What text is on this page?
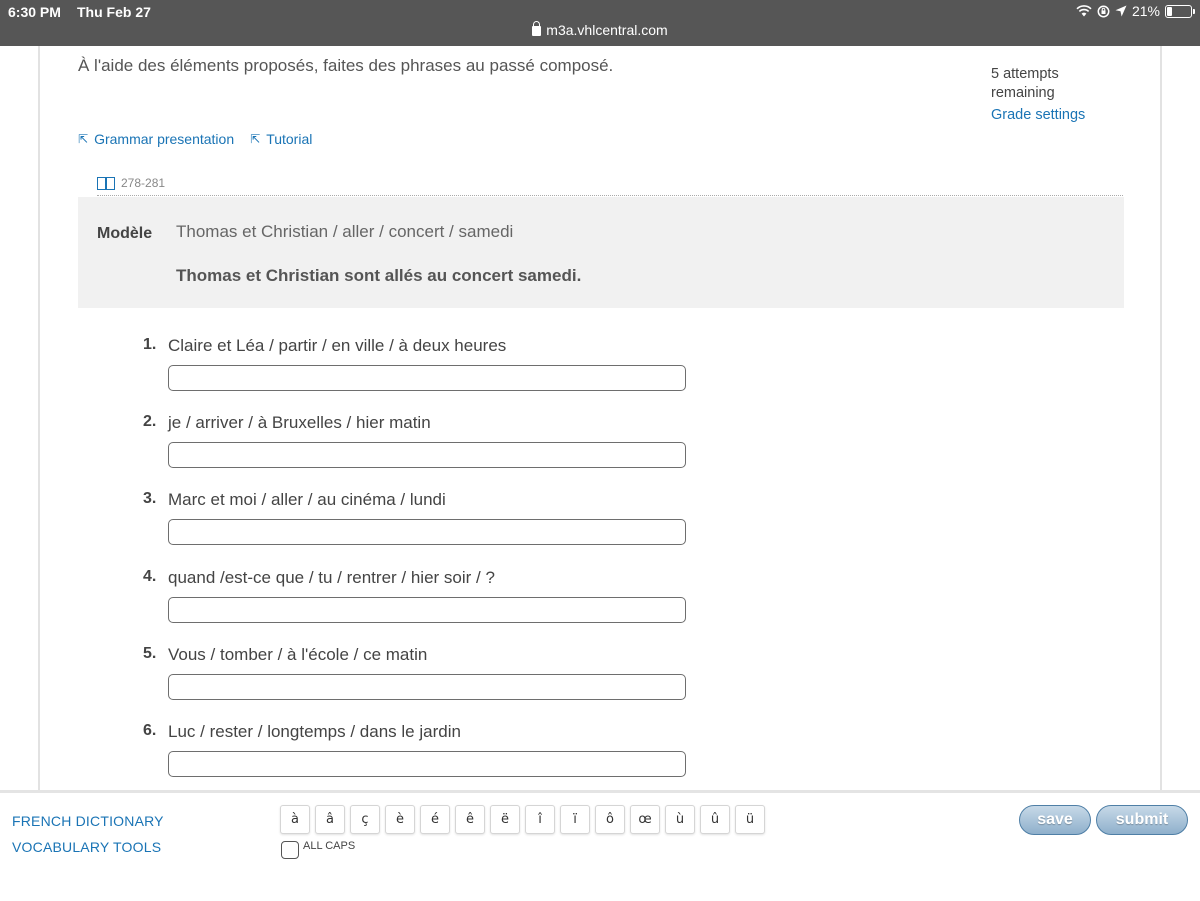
6:30 PM Thu Feb 27	21%
m3a.vhlcentral.com
À l'aide des éléments proposés, faites des phrases au passé composé.	5 attempts remaining
Grade settings
⇱ Grammar presentation ⇱ Tutorial
278-281
Modèle Thomas et Christian / aller / concert / samedi
Thomas et Christian sont allés au concert samedi.
1. Claire et Léa / partir / en ville / à deux heures
2. je / arriver / à Bruxelles / hier matin
3. Marc et moi / aller / au cinéma / lundi
4. quand /est-ce que / tu / rentrer / hier soir / ?
5. Vous / tomber / à l'école / ce matin
6. Luc / rester / longtemps / dans le jardin
FRENCH DICTIONARY
VOCABULARY TOOLS
à	â	ç	è	é	ê	ë	î	ï	ô	œ	ù	û	ü
ALL CAPS
save	submit
